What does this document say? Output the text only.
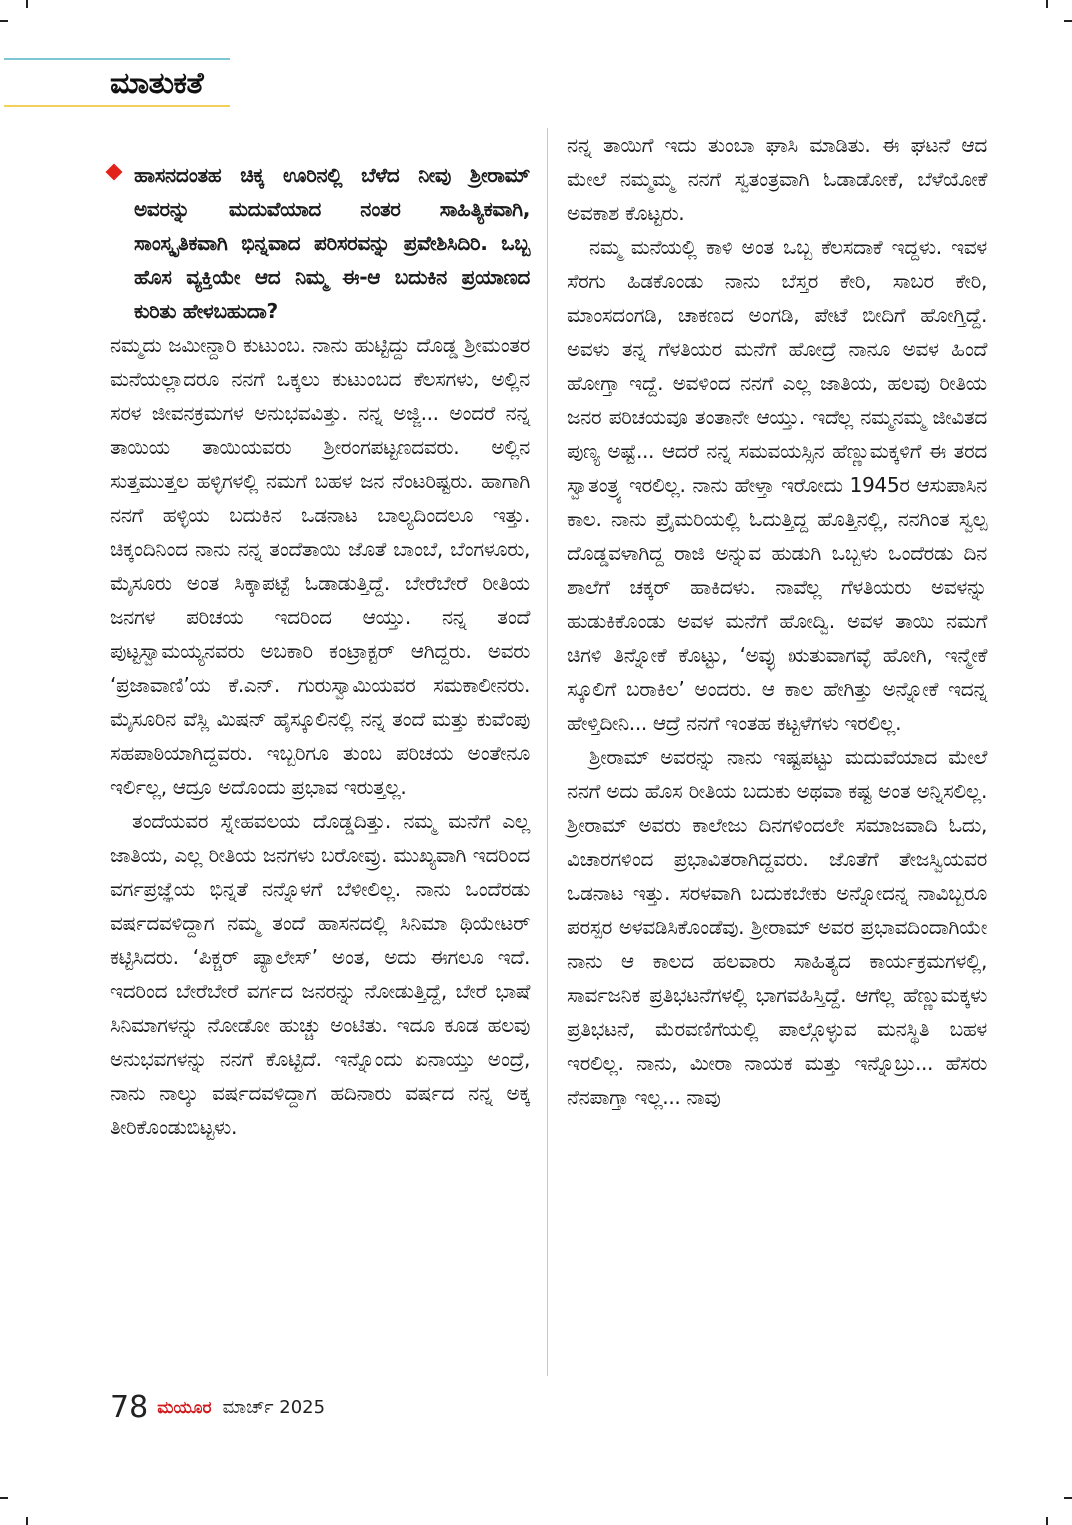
ಮಾತುಕತೆ

ಹಾಸನದಂತಹ ಚಿಕ್ಕ ಊರಿನಲ್ಲಿ ಬೆಳೆದ ನೀವು ಶ್ರೀರಾಮ್ ಅವರನ್ನು ಮದುವೆಯಾದ ನಂತರ ಸಾಹಿತ್ಯಿಕವಾಗಿ, ಸಾಂಸ್ಕೃತಿಕವಾಗಿ ಭಿನ್ನವಾದ ಪರಿಸರವನ್ನು ಪ್ರವೇಶಿಸಿದಿರಿ. ಒಬ್ಬ ಹೊಸ ವ್ಯಕ್ತಿಯೇ ಆದ ನಿಮ್ಮ ಈ-ಆ ಬದುಕಿನ ಪ್ರಯಾಣದ ಕುರಿತು ಹೇಳಬಹುದಾ?

ನಮ್ಮದು ಜಮೀನ್ದಾರಿ ಕುಟುಂಬ. ನಾನು ಹುಟ್ಟಿದ್ದು ದೊಡ್ಡ ಶ್ರೀಮಂತರ ಮನೆಯಲ್ಲಾದರೂ ನನಗೆ ಒಕ್ಕಲು ಕುಟುಂಬದ ಕೆಲಸಗಳು, ಅಲ್ಲಿನ ಸರಳ ಜೀವನಕ್ರಮಗಳ ಅನುಭವವಿತ್ತು. ನನ್ನ ಅಜ್ಜಿ... ಅಂದರೆ ನನ್ನ ತಾಯಿಯ ತಾಯಿಯವರು ಶ್ರೀರಂಗಪಟ್ಟಣದವರು. ಅಲ್ಲಿನ ಸುತ್ತಮುತ್ತಲ ಹಳ್ಳಿಗಳಲ್ಲಿ ನಮಗೆ ಬಹಳ ಜನ ನೆಂಟರಿಷ್ಟರು. ಹಾಗಾಗಿ ನನಗೆ ಹಳ್ಳಿಯ ಬದುಕಿನ ಒಡನಾಟ ಬಾಲ್ಯದಿಂದಲೂ ಇತ್ತು. ಚಿಕ್ಕಂದಿನಿಂದ ನಾನು ನನ್ನ ತಂದೆತಾಯಿ ಜೊತೆ ಬಾಂಬೆ, ಬೆಂಗಳೂರು, ಮೈಸೂರು ಅಂತ ಸಿಕ್ಕಾಪಟ್ಟೆ ಓಡಾಡುತ್ತಿದ್ದೆ. ಬೇರೆಬೇರೆ ರೀತಿಯ ಜನಗಳ ಪರಿಚಯ ಇದರಿಂದ ಆಯ್ತು. ನನ್ನ ತಂದೆ ಪುಟ್ಟಸ್ವಾಮಯ್ಯನವರು ಅಬಕಾರಿ ಕಂಟ್ರಾಕ್ಟರ್ ಆಗಿದ್ದರು. ಅವರು ‘ಪ್ರಜಾವಾಣಿ’ಯ ಕೆ.ಎನ್. ಗುರುಸ್ವಾಮಿಯವರ ಸಮಕಾಲೀನರು. ಮೈಸೂರಿನ ವೆಸ್ಲಿ ಮಿಷನ್ ಹೈಸ್ಕೂಲಿನಲ್ಲಿ ನನ್ನ ತಂದೆ ಮತ್ತು ಕುವೆಂಪು ಸಹಪಾಠಿಯಾಗಿದ್ದವರು. ಇಬ್ಬರಿಗೂ ತುಂಬ ಪರಿಚಯ ಅಂತೇನೂ ಇರ್ಲಿಲ್ಲ, ಆದ್ರೂ ಅದೊಂದು ಪ್ರಭಾವ ಇರುತ್ತಲ್ಲ.

ತಂದೆಯವರ ಸ್ನೇಹವಲಯ ದೊಡ್ಡದಿತ್ತು. ನಮ್ಮ ಮನೆಗೆ ಎಲ್ಲ ಜಾತಿಯ, ಎಲ್ಲ ರೀತಿಯ ಜನಗಳು ಬರೋವ್ರು. ಮುಖ್ಯವಾಗಿ ಇದರಿಂದ ವರ್ಗಪ್ರಜ್ಞೆಯ ಭಿನ್ನತೆ ನನ್ನೊಳಗೆ ಬೆಳೀಲಿಲ್ಲ. ನಾನು ಒಂದೆರಡು ವರ್ಷದವಳಿದ್ದಾಗ ನಮ್ಮ ತಂದೆ ಹಾಸನದಲ್ಲಿ ಸಿನಿಮಾ ಥಿಯೇಟರ್ ಕಟ್ಟಿಸಿದರು. ‘ಪಿಕ್ಚರ್ ಪ್ಯಾಲೇಸ್’ ಅಂತ, ಅದು ಈಗಲೂ ಇದೆ. ಇದರಿಂದ ಬೇರೆಬೇರೆ ವರ್ಗದ ಜನರನ್ನು ನೋಡುತ್ತಿದ್ದೆ, ಬೇರೆ ಭಾಷೆ ಸಿನಿಮಾಗಳನ್ನು ನೋಡೋ ಹುಚ್ಚು ಅಂಟಿತು. ಇದೂ ಕೂಡ ಹಲವು ಅನುಭವಗಳನ್ನು ನನಗೆ ಕೊಟ್ಟಿದೆ. ಇನ್ನೊಂದು ಏನಾಯ್ತು ಅಂದ್ರೆ, ನಾನು ನಾಲ್ಕು ವರ್ಷದವಳಿದ್ದಾಗ ಹದಿನಾರು ವರ್ಷದ ನನ್ನ ಅಕ್ಕ ತೀರಿಕೊಂಡುಬಿಟ್ಟಳು.

ನನ್ನ ತಾಯಿಗೆ ಇದು ತುಂಬಾ ಘಾಸಿ ಮಾಡಿತು. ಈ ಘಟನೆ ಆದ ಮೇಲೆ ನಮ್ಮಮ್ಮ ನನಗೆ ಸ್ವತಂತ್ರವಾಗಿ ಓಡಾಡೋಕೆ, ಬೆಳೆಯೋಕೆ ಅವಕಾಶ ಕೊಟ್ಟರು.

ನಮ್ಮ ಮನೆಯಲ್ಲಿ ಕಾಳಿ ಅಂತ ಒಬ್ಬ ಕೆಲಸದಾಕೆ ಇದ್ದಳು. ಇವಳ ಸೆರಗು ಹಿಡಕೊಂಡು ನಾನು ಬೆಸ್ತರ ಕೇರಿ, ಸಾಬರ ಕೇರಿ, ಮಾಂಸದಂಗಡಿ, ಚಾಕಣದ ಅಂಗಡಿ, ಪೇಟೆ ಬೀದಿಗೆ ಹೋಗ್ತಿದ್ದೆ. ಅವಳು ತನ್ನ ಗೆಳತಿಯರ ಮನೆಗೆ ಹೋದ್ರೆ ನಾನೂ ಅವಳ ಹಿಂದೆ ಹೋಗ್ತಾ ಇದ್ದೆ. ಅವಳಿಂದ ನನಗೆ ಎಲ್ಲ ಜಾತಿಯ, ಹಲವು ರೀತಿಯ ಜನರ ಪರಿಚಯವೂ ತಂತಾನೇ ಆಯ್ತು. ಇದೆಲ್ಲ ನಮ್ಮನಮ್ಮ ಜೀವಿತದ ಪುಣ್ಯ ಅಷ್ಟೆ... ಆದರೆ ನನ್ನ ಸಮವಯಸ್ಸಿನ ಹೆಣ್ಣುಮಕ್ಕಳಿಗೆ ಈ ತರದ ಸ್ವಾತಂತ್ರ್ಯ ಇರಲಿಲ್ಲ. ನಾನು ಹೇಳ್ತಾ ಇರೋದು 1945ರ ಆಸುಪಾಸಿನ ಕಾಲ. ನಾನು ಪ್ರೈಮರಿಯಲ್ಲಿ ಓದುತ್ತಿದ್ದ ಹೊತ್ತಿನಲ್ಲಿ, ನನಗಿಂತ ಸ್ವಲ್ಪ ದೊಡ್ಡವಳಾಗಿದ್ದ ರಾಜಿ ಅನ್ನುವ ಹುಡುಗಿ ಒಬ್ಬಳು ಒಂದೆರಡು ದಿನ ಶಾಲೆಗೆ ಚಕ್ಕರ್ ಹಾಕಿದಳು. ನಾವೆಲ್ಲ ಗೆಳತಿಯರು ಅವಳನ್ನು ಹುಡುಕಿಕೊಂಡು ಅವಳ ಮನೆಗೆ ಹೋದ್ವಿ. ಅವಳ ತಾಯಿ ನಮಗೆ ಚಿಗಳಿ ತಿನ್ನೋಕೆ ಕೊಟ್ಟು, ‘ಅವ್ಳು ಋತುವಾಗವ್ಳೆ ಹೋಗಿ, ಇನ್ಮೇಕೆ ಸ್ಕೂಲಿಗೆ ಬರಾಕಿಲ’ ಅಂದರು. ಆ ಕಾಲ ಹೇಗಿತ್ತು ಅನ್ನೋಕೆ ಇದನ್ನ ಹೇಳ್ತಿದೀನಿ... ಆದ್ರೆ ನನಗೆ ಇಂತಹ ಕಟ್ಟಳೆಗಳು ಇರಲಿಲ್ಲ.

ಶ್ರೀರಾಮ್ ಅವರನ್ನು ನಾನು ಇಷ್ಟಪಟ್ಟು ಮದುವೆಯಾದ ಮೇಲೆ ನನಗೆ ಅದು ಹೊಸ ರೀತಿಯ ಬದುಕು ಅಥವಾ ಕಷ್ಟ ಅಂತ ಅನ್ನಿಸಲಿಲ್ಲ. ಶ್ರೀರಾಮ್ ಅವರು ಕಾಲೇಜು ದಿನಗಳಿಂದಲೇ ಸಮಾಜವಾದಿ ಓದು, ವಿಚಾರಗಳಿಂದ ಪ್ರಭಾವಿತರಾಗಿದ್ದವರು. ಜೊತೆಗೆ ತೇಜಸ್ವಿಯವರ ಒಡನಾಟ ಇತ್ತು. ಸರಳವಾಗಿ ಬದುಕಬೇಕು ಅನ್ನೋದನ್ನ ನಾವಿಬ್ಬರೂ ಪರಸ್ಪರ ಅಳವಡಿಸಿಕೊಂಡೆವು. ಶ್ರೀರಾಮ್ ಅವರ ಪ್ರಭಾವದಿಂದಾಗಿಯೇ ನಾನು ಆ ಕಾಲದ ಹಲವಾರು ಸಾಹಿತ್ಯದ ಕಾರ್ಯಕ್ರಮಗಳಲ್ಲಿ, ಸಾರ್ವಜನಿಕ ಪ್ರತಿಭಟನೆಗಳಲ್ಲಿ ಭಾಗವಹಿಸ್ತಿದ್ದೆ. ಆಗೆಲ್ಲ ಹೆಣ್ಣುಮಕ್ಕಳು ಪ್ರತಿಭಟನೆ, ಮೆರವಣಿಗೆಯಲ್ಲಿ ಪಾಲ್ಗೊಳ್ಳುವ ಮನಸ್ಥಿತಿ ಬಹಳ ಇರಲಿಲ್ಲ. ನಾನು, ಮೀರಾ ನಾಯಕ ಮತ್ತು ಇನ್ನೊಬ್ರು... ಹೆಸರು ನೆನಪಾಗ್ತಾ ಇಲ್ಲ... ನಾವು

78 ಮಯೂರ ಮಾರ್ಚ್ 2025
